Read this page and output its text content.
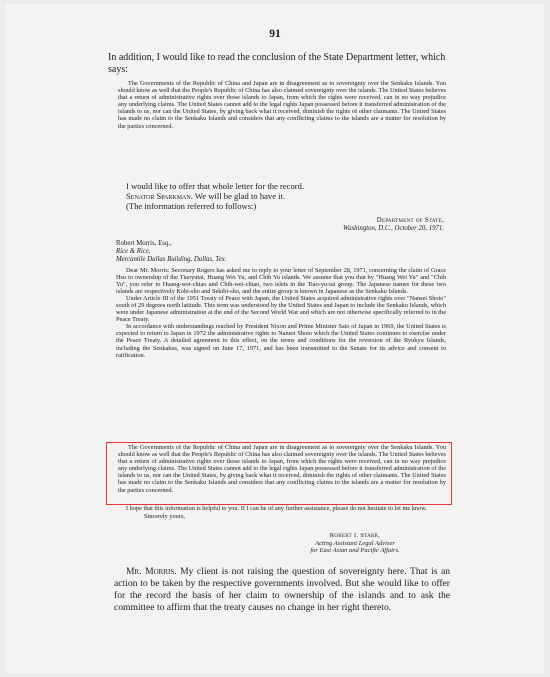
91
In addition, I would like to read the conclusion of the State Department letter, which says:

The Governments of the Republic of China and Japan are in disagreement as to sovereignty over the Senkaku Islands. You should know as well that the People's Republic of China has also claimed sovereignty over the islands. The United States believes that a return of administrative rights over those islands to Japan, from which the rights were received, can in no way prejudice any underlying claims. The United States cannot add to the legal rights Japan possessed before it transferred administration of the islands to us, nor can the United States, by giving back what it received, diminish the rights of other claimants. The United States has made no claim to the Senkaku Islands and considers that any conflicting claims to the islands are a matter for resolution by the parties concerned.

I would like to offer that whole letter for the record.

Senator Sparkman. We will be glad to have it.

(The information referred to follows:)

Department of State,
Washington, D.C., October 20, 1971.
Robert Morris, Esq.,
Rice & Rice,
Mercantile Dallas Building, Dallas, Tex.

Dear Mr. Morris: Secretary Rogers has asked me to reply to your letter of September 28, 1971, concerning the claim of Grace Hsu to ownership of the Tiaoyutai, Huang Wei Yu, and Chih Yu islands. We assume that you that by "Huang Wei Yu" and "Chih Yu", you refer to Huang-wei-chiao and Chih-wei-chiao, two islets in the Tiao-yu-tai group. The Japanese names for these two islands are respectively Kobi-sho and Sekibi-sho, and the entire group is known in Japanese as the Senkaku Islands.

Under Article III of the 1951 Treaty of Peace with Japan, the United States acquired administrative rights over "Nansei Shoto" south of 29 degrees north latitude. This term was understood by the United States and Japan to include the Senkaku Islands, which were under Japanese administration at the end of the Second World War and which are not otherwise specifically referred to in the Peace Treaty.

In accordance with understandings reached by President Nixon and Prime Minister Sato of Japan in 1969, the United States is expected to return to Japan in 1972 the administrative rights to Nansei Shoto which the United States continues to exercise under the Peace Treaty. A detailed agreement to this effect, on the terms and conditions for the reversion of the Ryukyu Islands, including the Senkakus, was signed on June 17, 1971, and has been transmitted to the Senate for its advice and consent to ratification.

The Governments of the Republic of China and Japan are in disagreement as to sovereignty over the Senkaku Islands. You should know as well that the People's Republic of China has also claimed sovereignty over the islands. The United States believes that a return of administrative rights over those islands to Japan, from which the rights were received, can in no way prejudice any underlying claims. The United States cannot add to the legal rights Japan possessed before it transferred administration of the islands to us, nor can the United States, by giving back what it received, diminish the rights of other claimants. The United States has made no claim to the Senkaku Islands and considers that any conflicting claims to the islands are a matter for resolution by the parties concerned.

I hope that this information is helpful to you. If I can be of any further assistance, please do not hesitate to let me know.

Sincerely yours,

Robert I. Starr,
Acting Assistant Legal Adviser
for East Asian and Pacific Affairs.

Mr. Morris. My client is not raising the question of sovereignty here. That is an action to be taken by the respective governments involved. But she would like to offer for the record the basis of her claim to ownership of the islands and to ask the committee to affirm that the treaty causes no change in her right thereto.
